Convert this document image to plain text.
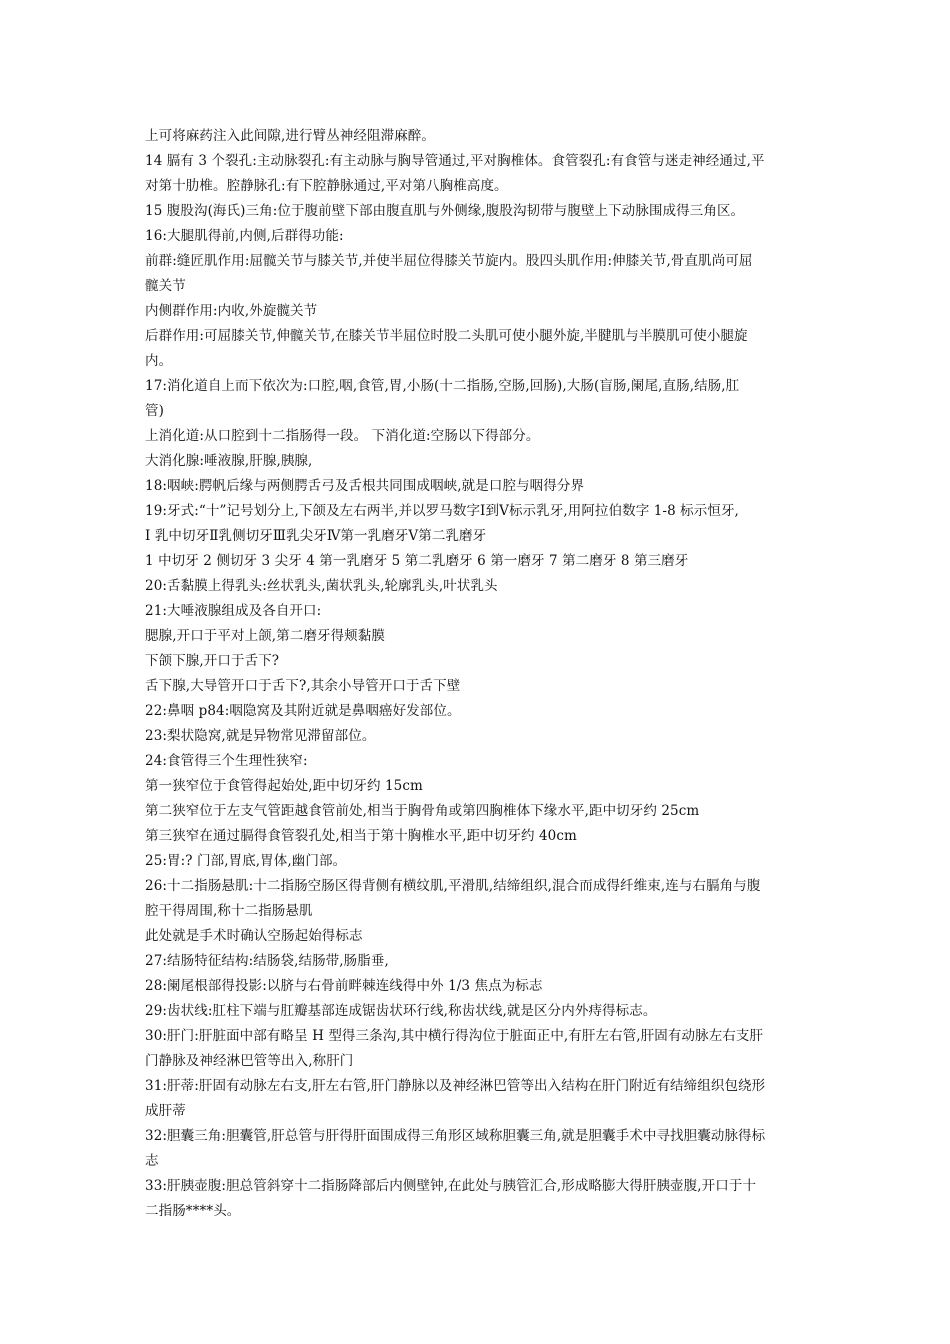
上可将麻药注入此间隙,进行臂丛神经阻滞麻醉。
14 膈有 3 个裂孔:主动脉裂孔:有主动脉与胸导管通过,平对胸椎体。食管裂孔:有食管与迷走神经通过,平
对第十肋椎。腔静脉孔:有下腔静脉通过,平对第八胸椎高度。
15 腹股沟(海氏)三角:位于腹前壁下部由腹直肌与外侧缘,腹股沟韧带与腹壁上下动脉围成得三角区。
16:大腿肌得前,内侧,后群得功能:
前群:缝匠肌作用:屈髋关节与膝关节,并使半屈位得膝关节旋内。股四头肌作用:伸膝关节,骨直肌尚可屈
髋关节
内侧群作用:内收,外旋髋关节
后群作用:可屈膝关节,伸髋关节,在膝关节半屈位时股二头肌可使小腿外旋,半腱肌与半膜肌可使小腿旋
内。
17:消化道自上而下依次为:口腔,咽,食管,胃,小肠(十二指肠,空肠,回肠),大肠(盲肠,阑尾,直肠,结肠,肛
管)
上消化道:从口腔到十二指肠得一段。 下消化道:空肠以下得部分。
大消化腺:唾液腺,肝腺,胰腺,
18:咽峡:腭帆后缘与两侧腭舌弓及舌根共同围成咽峡,就是口腔与咽得分界
19:牙式:“十”记号划分上,下颌及左右两半,并以罗马数字Ⅰ到Ⅴ标示乳牙,用阿拉伯数字 1-8 标示恒牙,
Ⅰ 乳中切牙Ⅱ乳侧切牙Ⅲ乳尖牙Ⅳ第一乳磨牙Ⅴ第二乳磨牙
1 中切牙 2 侧切牙 3 尖牙 4 第一乳磨牙 5 第二乳磨牙 6 第一磨牙 7 第二磨牙 8 第三磨牙
20:舌黏膜上得乳头:丝状乳头,菌状乳头,轮廓乳头,叶状乳头
21:大唾液腺组成及各自开口:
腮腺,开口于平对上颌,第二磨牙得颊黏膜
下颌下腺,开口于舌下?
舌下腺,大导管开口于舌下?,其余小导管开口于舌下壁
22:鼻咽 p84:咽隐窝及其附近就是鼻咽癌好发部位。
23:梨状隐窝,就是异物常见滞留部位。
24:食管得三个生理性狭窄:
第一狭窄位于食管得起始处,距中切牙约 15cm
第二狭窄位于左支气管距越食管前处,相当于胸骨角或第四胸椎体下缘水平,距中切牙约 25cm
第三狭窄在通过膈得食管裂孔处,相当于第十胸椎水平,距中切牙约 40cm
25:胃:? 门部,胃底,胃体,幽门部。
26:十二指肠悬肌:十二指肠空肠区得背侧有横纹肌,平滑肌,结缔组织,混合而成得纤维束,连与右膈角与腹
腔干得周围,称十二指肠悬肌
此处就是手术时确认空肠起始得标志
27:结肠特征结构:结肠袋,结肠带,肠脂垂,
28:阑尾根部得投影:以脐与右骨前畔棘连线得中外 1/3 焦点为标志
29:齿状线:肛柱下端与肛瓣基部连成锯齿状环行线,称齿状线,就是区分内外痔得标志。
30:肝门:肝脏面中部有略呈 H 型得三条沟,其中横行得沟位于脏面正中,有肝左右管,肝固有动脉左右支肝
门静脉及神经淋巴管等出入,称肝门
31:肝蒂:肝固有动脉左右支,肝左右管,肝门静脉以及神经淋巴管等出入结构在肝门附近有结缔组织包绕形
成肝蒂
32:胆囊三角:胆囊管,肝总管与肝得肝面围成得三角形区域称胆囊三角,就是胆囊手术中寻找胆囊动脉得标
志
33:肝胰壶腹:胆总管斜穿十二指肠降部后内侧壁钟,在此处与胰管汇合,形成略膨大得肝胰壶腹,开口于十
二指肠****头。
